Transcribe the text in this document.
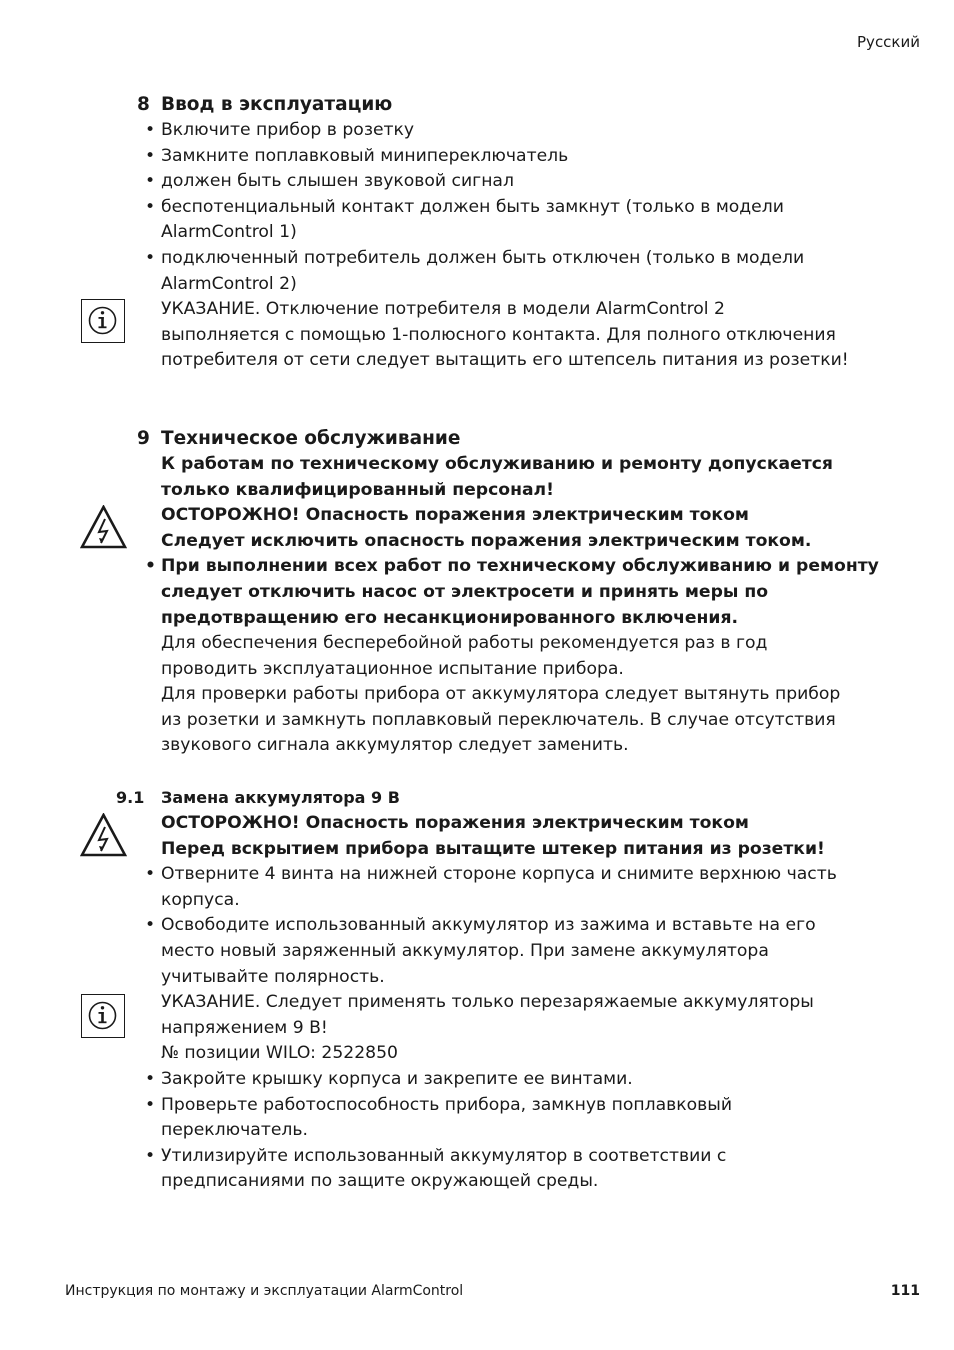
Русский
8 Ввод в эксплуатацию
• Включите прибор в розетку
• Замкните поплавковый миниперeключатель
• должен быть слышен звуковой сигнал
• беспотенциальный контакт должен быть замкнут (только в модели
AlarmControl 1)
• подключенный потребитель должен быть отключен (только в модели
AlarmControl 2)
УКАЗАНИЕ. Отключение потребителя в модели AlarmControl 2
выполняется с помощью 1-полюсного контакта. Для полного отключения
потребителя от сети следует вытащить его штепсель питания из розетки!
9 Техническое обслуживание
К работам по техническому обслуживанию и ремонту допускается
только квалифицированный персонал!
ОСТОРОЖНО! Опасность поражения электрическим током
Следует исключить опасность поражения электрическим током.
• При выполнении всех работ по техническому обслуживанию и ремонту
следует отключить насос от электросети и принять меры по
предотвращению его несанкционированного включения.
Для обеспечения бесперебойной работы рекомендуется раз в год
проводить эксплуатационное испытание прибора.
Для проверки работы прибора от аккумулятора следует вытянуть прибор
из розетки и замкнуть поплавковый переключатель. В случае отсутствия
звукового сигнала аккумулятор следует заменить.
9.1 Замена аккумулятора 9 В
ОСТОРОЖНО! Опасность поражения электрическим током
Перед вскрытием прибора вытащите штекер питания из розетки!
• Отверните 4 винта на нижней стороне корпуса и снимите верхнюю часть
корпуса.
• Освободите использованный аккумулятор из зажима и вставьте на его
место новый заряженный аккумулятор. При замене аккумулятора
учитывайте полярность.
УКАЗАНИЕ. Следует применять только перезаряжаемые аккумуляторы
напряжением 9 В!
№ позиции WILO: 2522850
• Закройте крышку корпуса и закрепите ее винтами.
• Проверьте работоспособность прибора, замкнув поплавковый
переключатель.
• Утилизируйте использованный аккумулятор в соответствии с
предписаниями по защите окружающей среды.
Инструкция по монтажу и эксплуатации AlarmControl	111
